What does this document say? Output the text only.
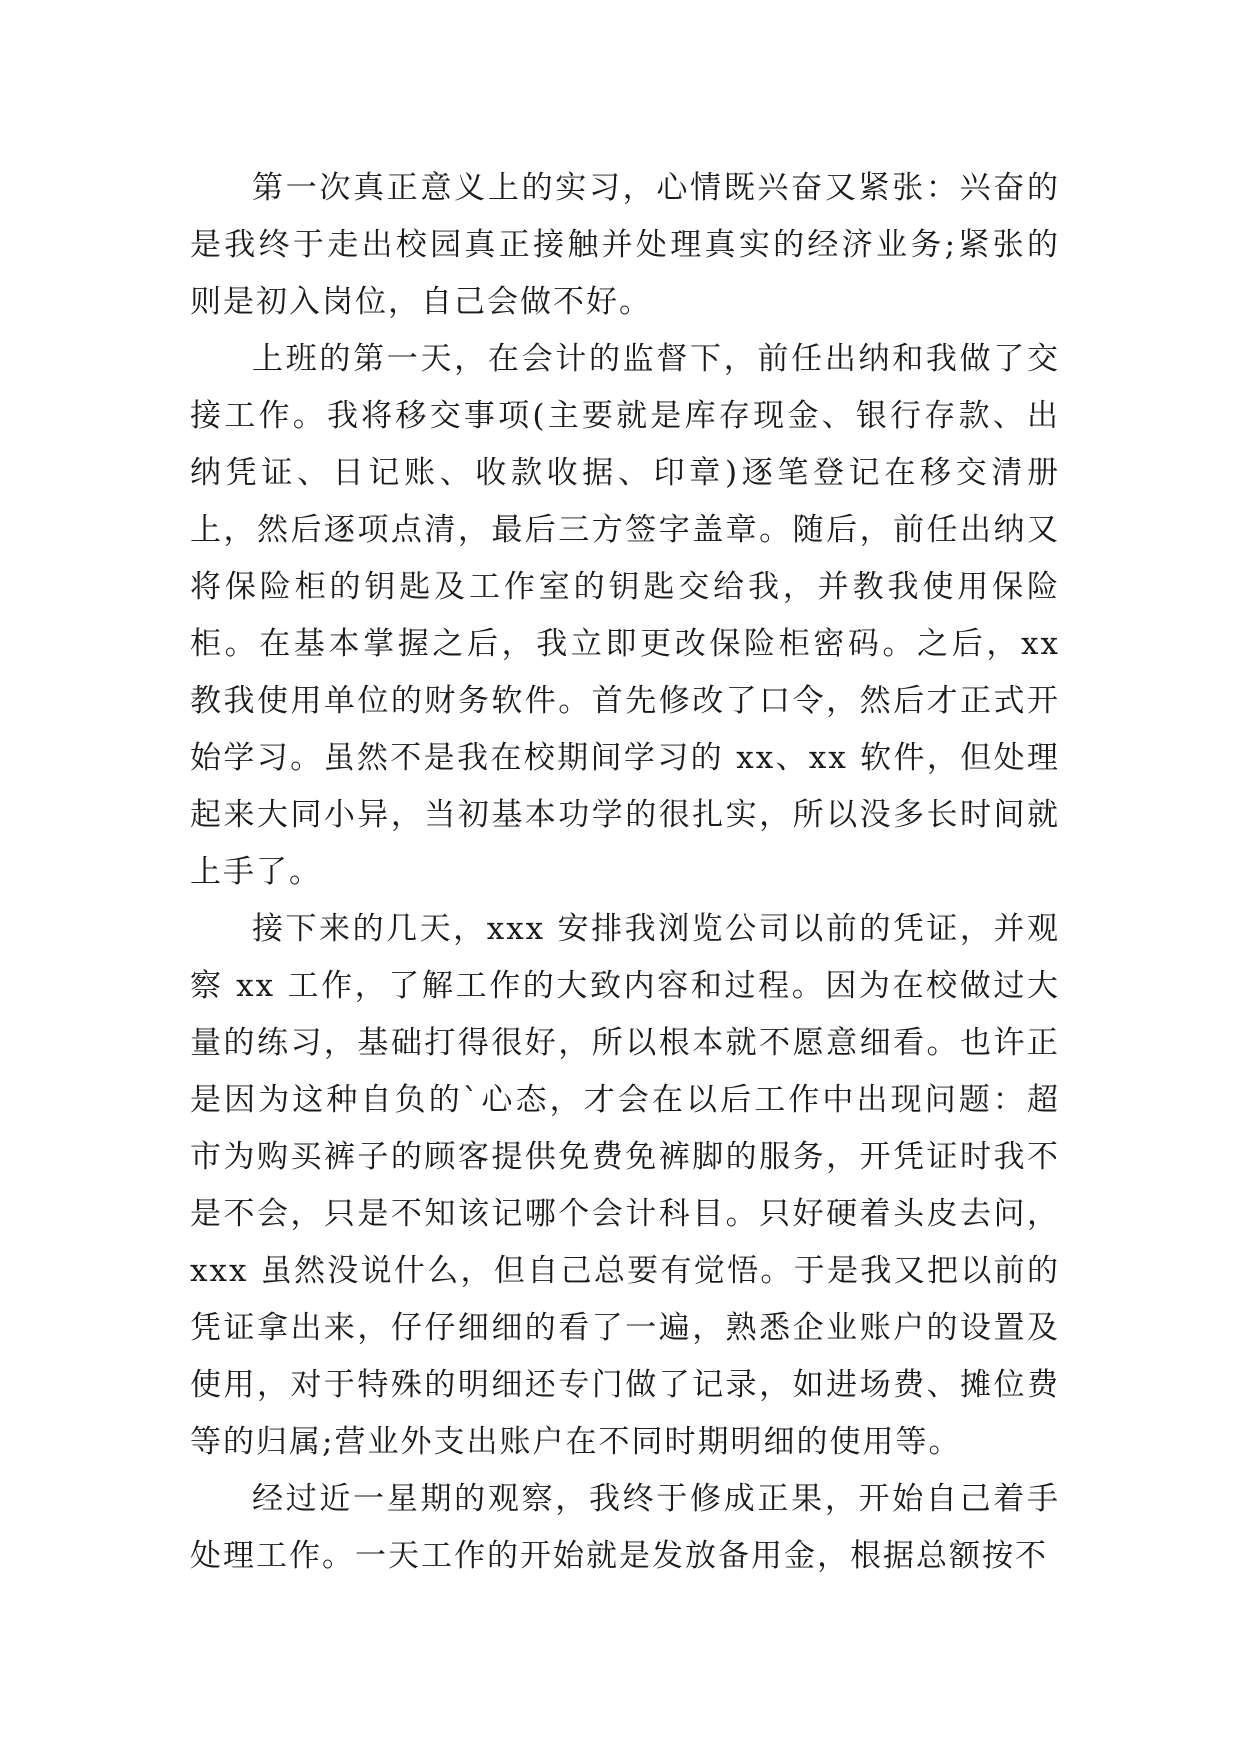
第一次真正意义上的实习，心情既兴奋又紧张：兴奋的是我终于走出校园真正接触并处理真实的经济业务;紧张的则是初入岗位，自己会做不好。

上班的第一天，在会计的监督下，前任出纳和我做了交接工作。我将移交事项(主要就是库存现金、银行存款、出纳凭证、日记账、收款收据、印章)逐笔登记在移交清册上，然后逐项点清，最后三方签字盖章。随后，前任出纳又将保险柜的钥匙及工作室的钥匙交给我，并教我使用保险柜。在基本掌握之后，我立即更改保险柜密码。之后，xx 教我使用单位的财务软件。首先修改了口令，然后才正式开始学习。虽然不是我在校期间学习的 xx、xx 软件，但处理起来大同小异，当初基本功学的很扎实，所以没多长时间就上手了。

接下来的几天，xxx 安排我浏览公司以前的凭证，并观察 xx 工作，了解工作的大致内容和过程。因为在校做过大量的练习，基础打得很好，所以根本就不愿意细看。也许正是因为这种自负的`心态，才会在以后工作中出现问题：超市为购买裤子的顾客提供免费免裤脚的服务，开凭证时我不是不会，只是不知该记哪个会计科目。只好硬着头皮去问，xxx 虽然没说什么，但自己总要有觉悟。于是我又把以前的凭证拿出来，仔仔细细的看了一遍，熟悉企业账户的设置及使用，对于特殊的明细还专门做了记录，如进场费、摊位费等的归属;营业外支出账户在不同时期明细的使用等。

经过近一星期的观察，我终于修成正果，开始自己着手处理工作。一天工作的开始就是发放备用金，根据总额按不
